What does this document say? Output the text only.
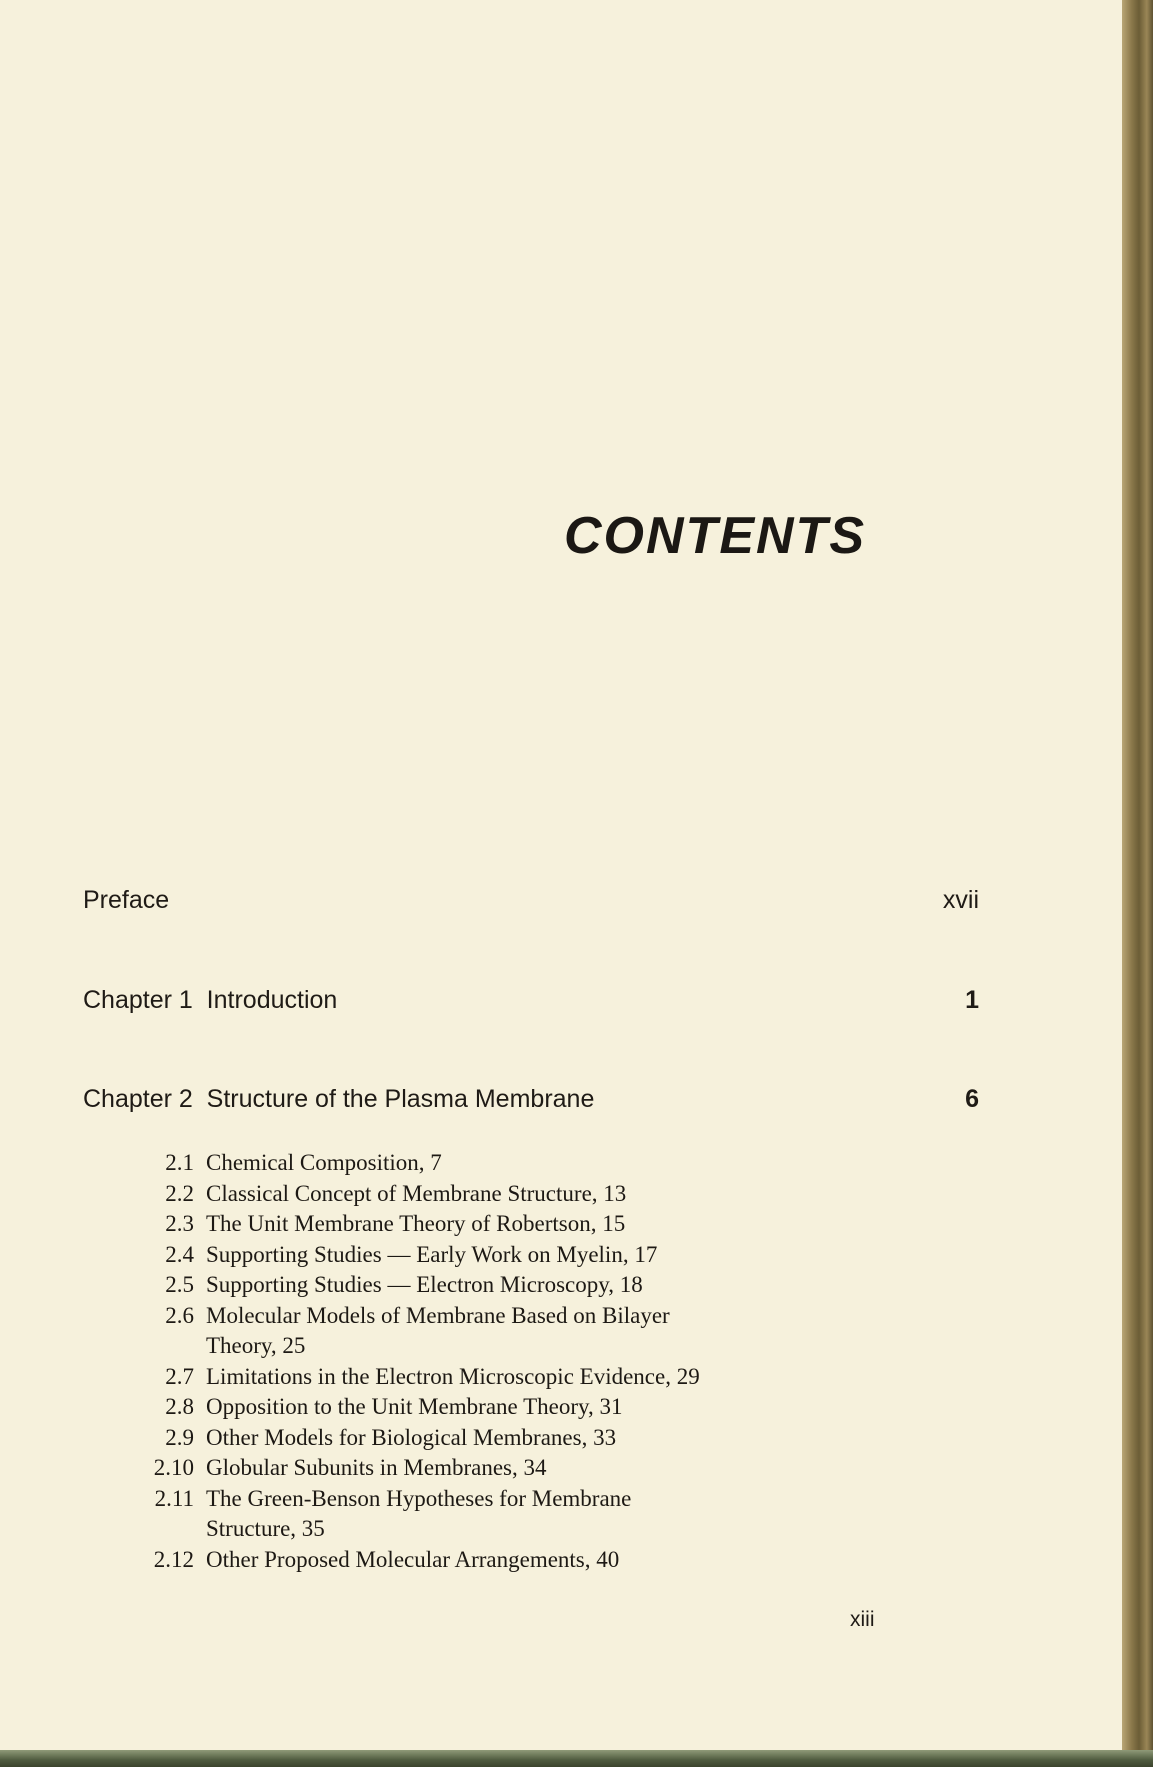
CONTENTS
Preface	xvii
Chapter 1  Introduction	1
Chapter 2  Structure of the Plasma Membrane	6
2.1 Chemical Composition, 7
2.2 Classical Concept of Membrane Structure, 13
2.3 The Unit Membrane Theory of Robertson, 15
2.4 Supporting Studies — Early Work on Myelin, 17
2.5 Supporting Studies — Electron Microscopy, 18
2.6 Molecular Models of Membrane Based on Bilayer
Theory, 25
2.7 Limitations in the Electron Microscopic Evidence, 29
2.8 Opposition to the Unit Membrane Theory, 31
2.9 Other Models for Biological Membranes, 33
2.10 Globular Subunits in Membranes, 34
2.11 The Green-Benson Hypotheses for Membrane
Structure, 35
2.12 Other Proposed Molecular Arrangements, 40
xiii
